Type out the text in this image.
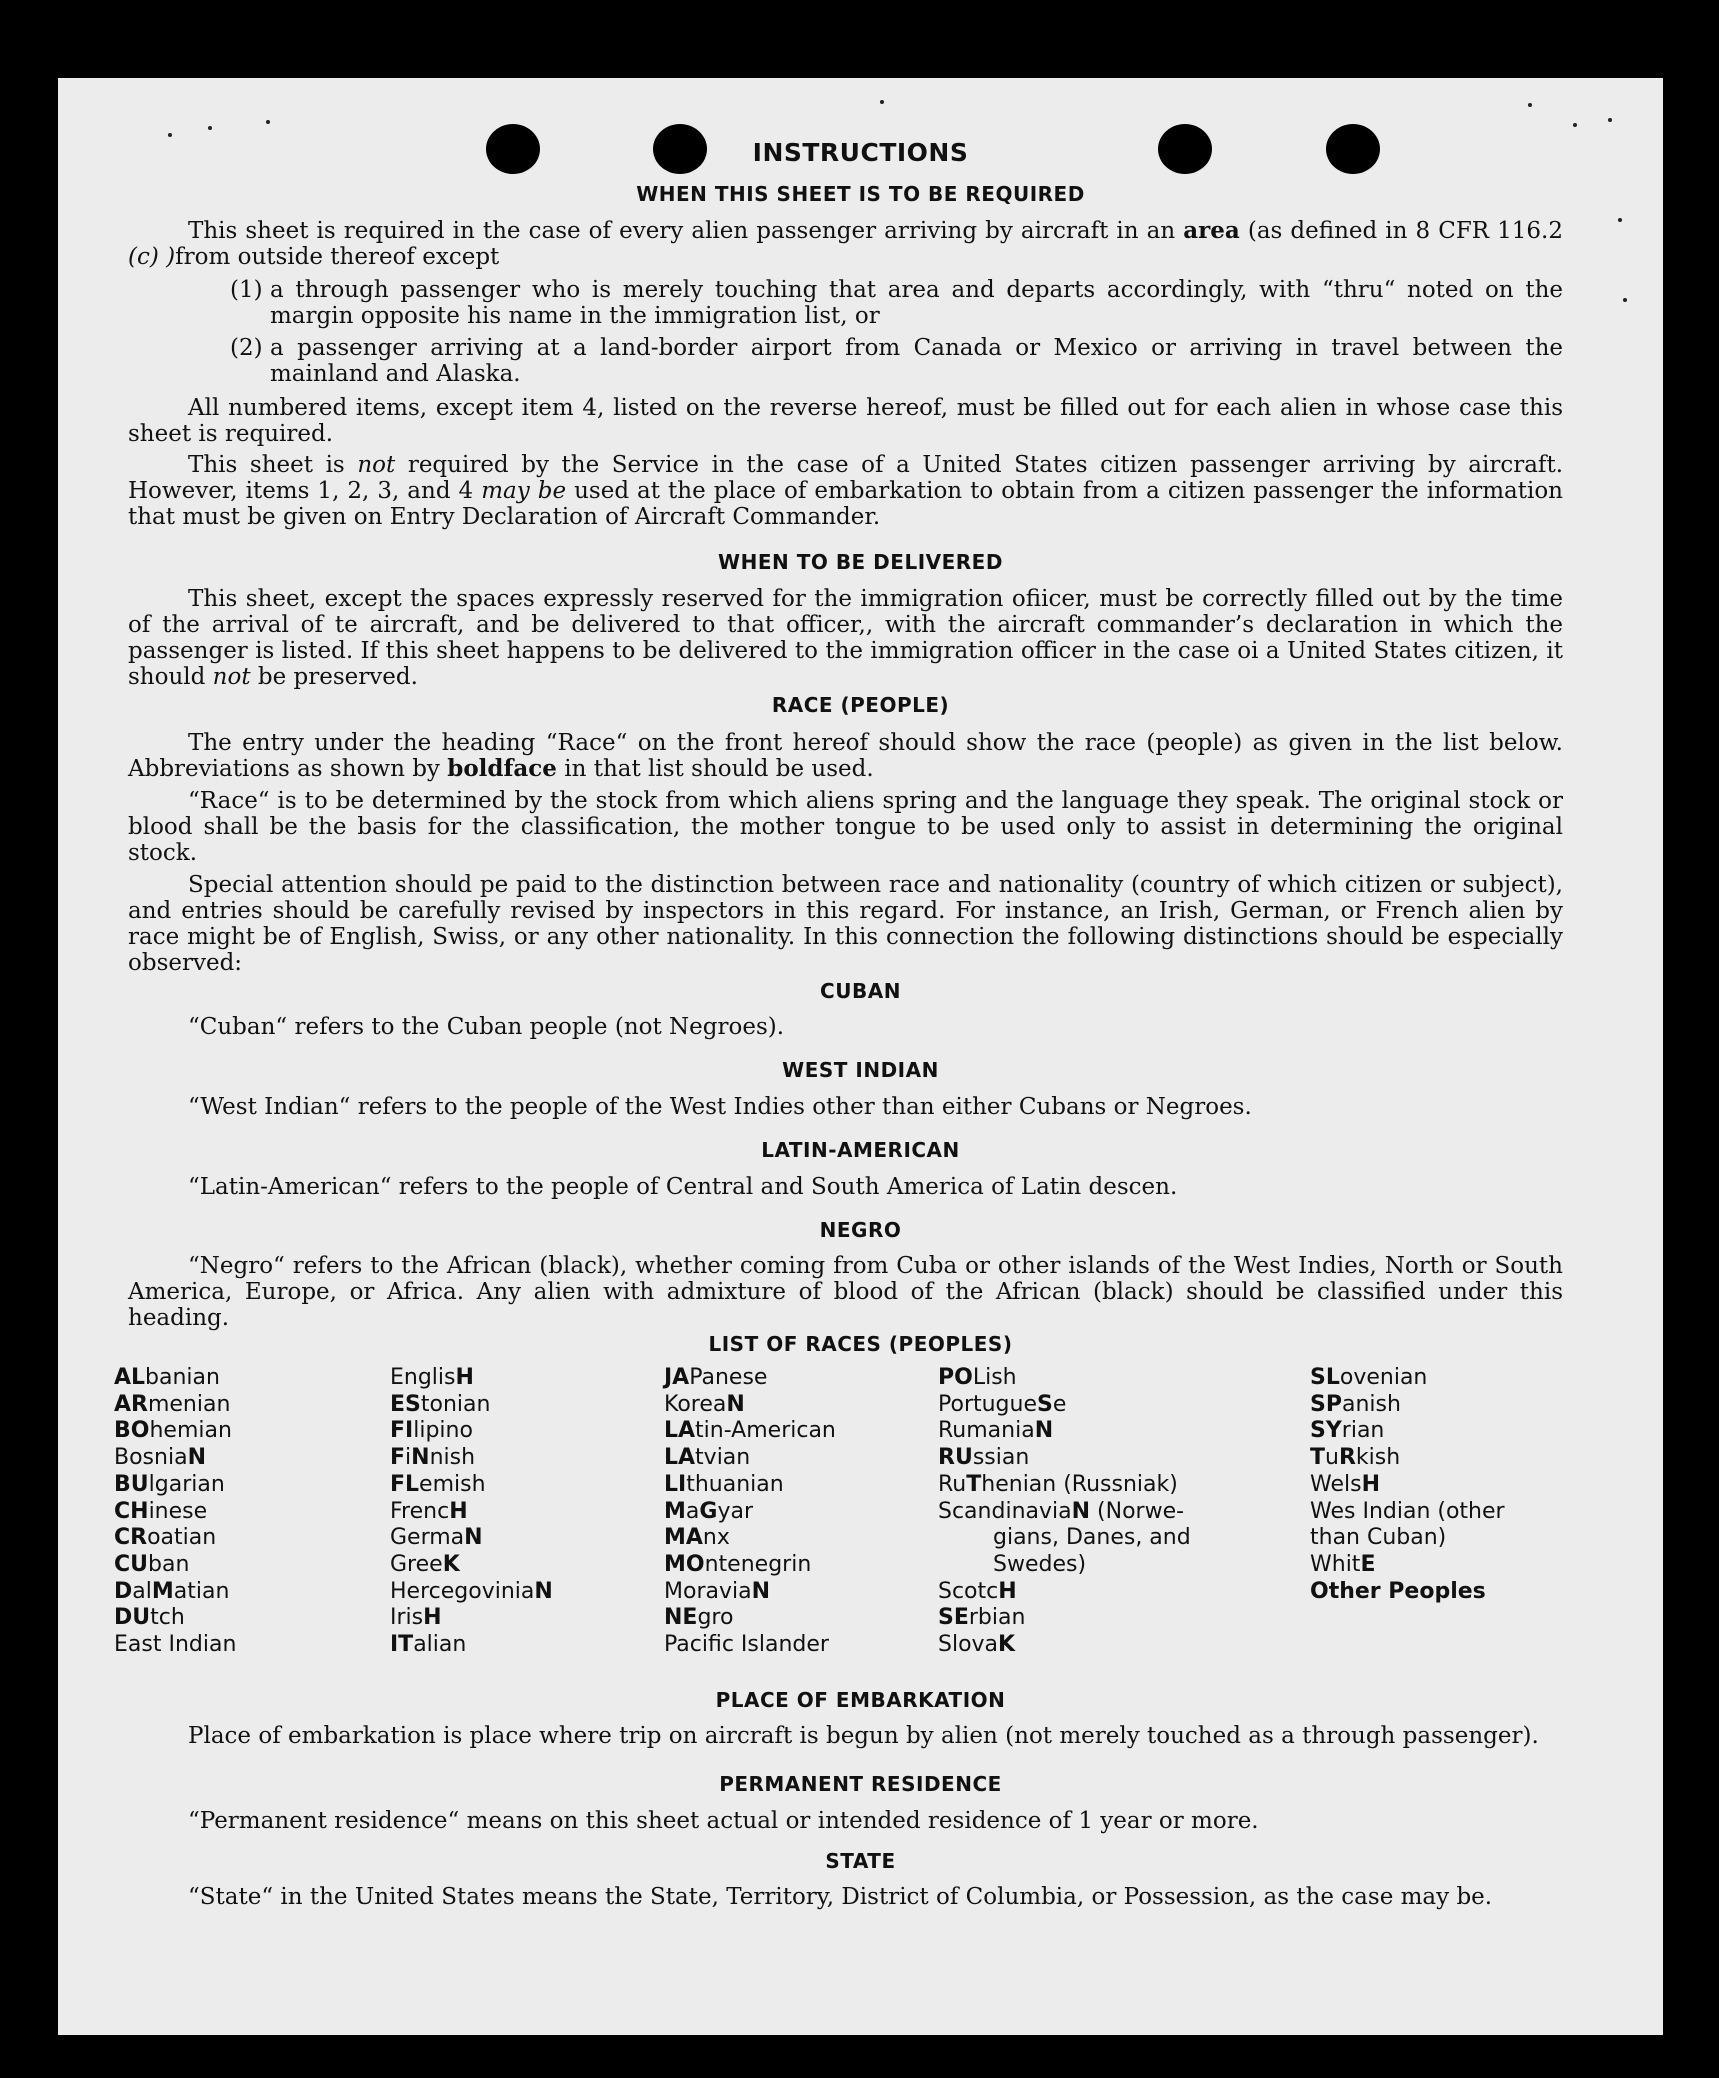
INSTRUCTIONS
WHEN THIS SHEET IS TO BE REQUIRED

This sheet is required in the case of every alien passenger arriving by aircraft in an area (as defined in 8 CFR 116.2 (c) )from outside thereof except

(1) a through passenger who is merely touching that area and departs accordingly, with “thru“ noted on the margin opposite his name in the immigration list, or
(2) a passenger arriving at a land-border airport from Canada or Mexico or arriving in travel between the mainland and Alaska.

All numbered items, except item 4, listed on the reverse hereof, must be filled out for each alien in whose case this sheet is required.

This sheet is not required by the Service in the case of a United States citizen passenger arriving by aircraft. However, items 1, 2, 3, and 4 may be used at the place of embarkation to obtain from a citizen passenger the information that must be given on Entry Declaration of Aircraft Commander.

WHEN TO BE DELIVERED

This sheet, except the spaces expressly reserved for the immigration ofiicer, must be correctly filled out by the time of the arrival of te aircraft, and be delivered to that officer,, with the aircraft commander’s declaration in which the passenger is listed. If this sheet happens to be delivered to the immigration officer in the case oi a United States citizen, it should not be preserved.

RACE (PEOPLE)

The entry under the heading “Race“ on the front hereof should show the race (people) as given in the list below. Abbreviations as shown by boldface in that list should be used.

“Race“ is to be determined by the stock from which aliens spring and the language they speak. The original stock or blood shall be the basis for the classification, the mother tongue to be used only to assist in determining the original stock.

Special attention should pe paid to the distinction between race and nationality (country of which citizen or subject), and entries should be carefully revised by inspectors in this regard. For instance, an Irish, German, or French alien by race might be of English, Swiss, or any other nationality. In this connection the following distinctions should be especially observed:

CUBAN

“Cuban“ refers to the Cuban people (not Negroes).

WEST INDIAN

“West Indian“ refers to the people of the West Indies other than either Cubans or Negroes.

LATIN-AMERICAN

“Latin-American“ refers to the people of Central and South America of Latin descen.

NEGRO

“Negro“ refers to the African (black), whether coming from Cuba or other islands of the West Indies, North or South America, Europe, or Africa. Any alien with admixture of blood of the African (black) should be classified under this heading.

LIST OF RACES (PEOPLES)
ALbanian
ARmenian
BOhemian
BosniaN
BUlgarian
CHinese
CRoatian
CUban
DalMatian
DUtch
East Indian
EnglisH
EStonian
FIlipino
FiNnish
FLemish
FrencH
GermaN
GreeK
HercegoviniaN
IrisH
ITalian
JAPanese
KoreaN
LAtin-American
LAtvian
LIthuanian
MaGyar
MAnx
MOntenegrin
MoraviaN
NEgro
Pacific Islander
POLish
PortugueSe
RumaniaN
RUssian
RuThenian (Russniak)
ScandinaviaN (Norwe-
gians, Danes, and
Swedes)
ScotcH
SErbian
SlovaK
SLovenian
SPanish
SYrian
TuRkish
WelsH
Wes Indian (other
than Cuban)
WhitE
Other Peoples
PLACE OF EMBARKATION

Place of embarkation is place where trip on aircraft is begun by alien (not merely touched as a through passenger).

PERMANENT RESIDENCE

“Permanent residence“ means on this sheet actual or intended residence of 1 year or more.

STATE

“State“ in the United States means the State, Territory, District of Columbia, or Possession, as the case may be.
